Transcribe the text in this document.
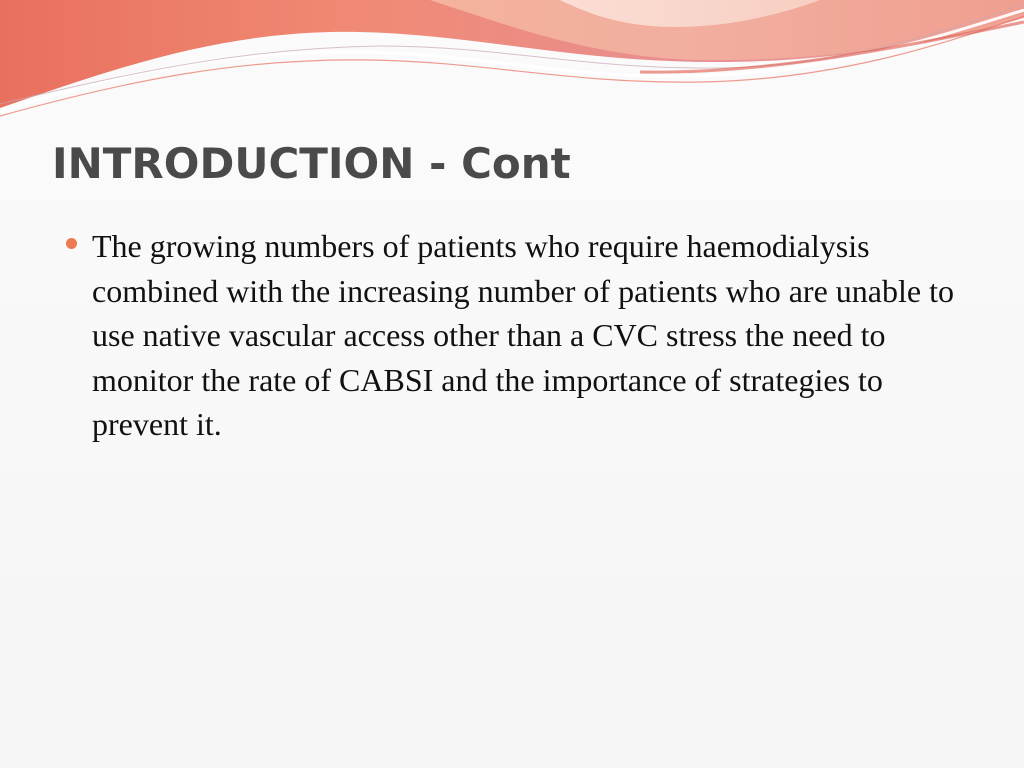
INTRODUCTION - Cont
The growing numbers of patients who require haemodialysis combined with the increasing number of patients who are unable to use native vascular access other than a CVC stress the need to monitor the rate of CABSI and the importance of strategies to prevent it.
